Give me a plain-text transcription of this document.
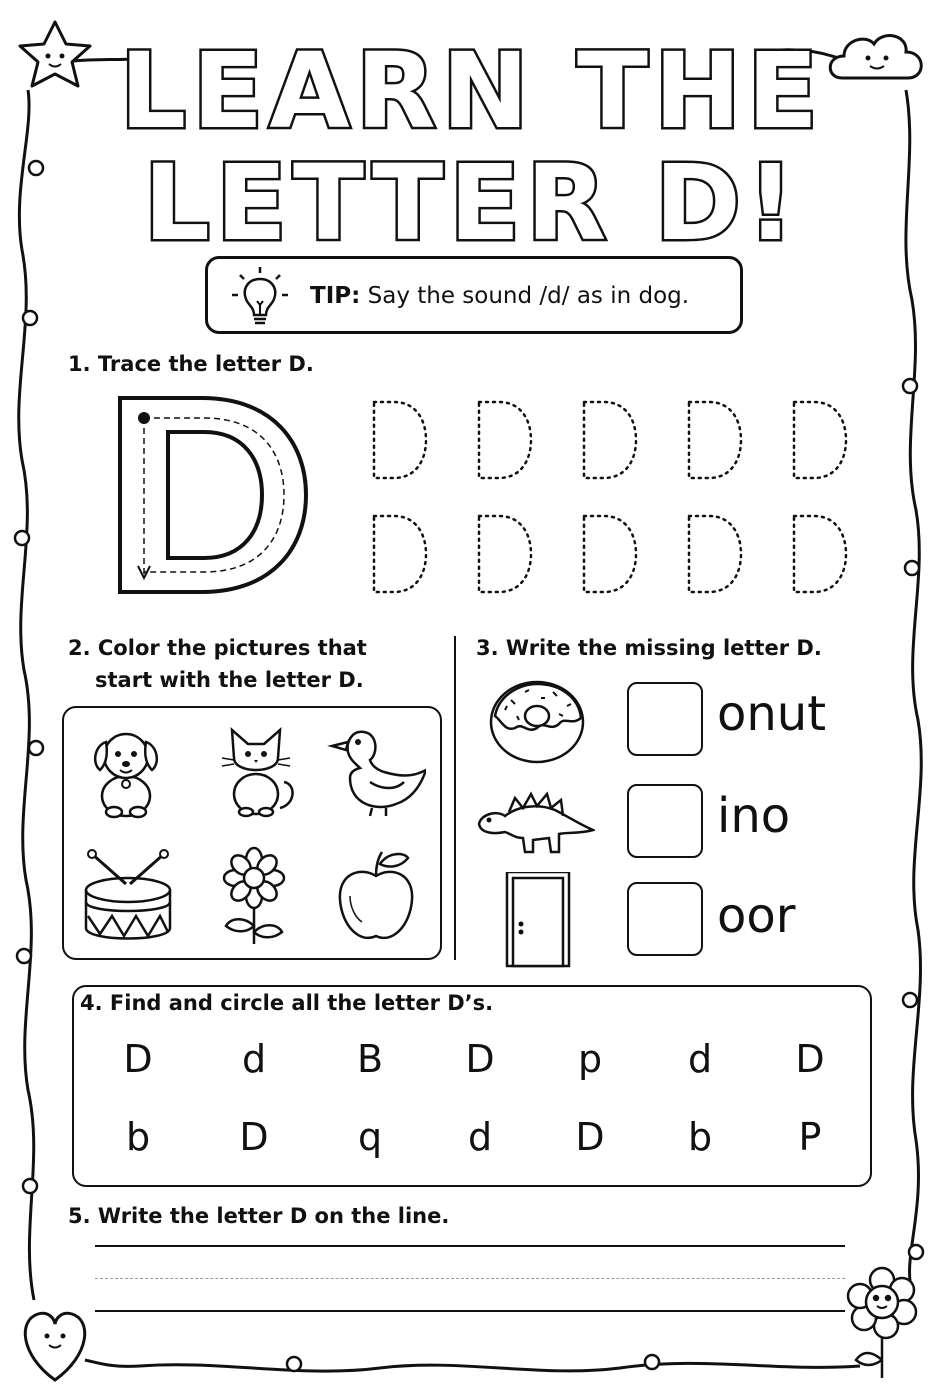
LEARN THE
LETTER D!
TIP: Say the sound /d/ as in dog.
1. Trace the letter D.
2. Color the pictures that
start with the letter D.
3. Write the missing letter D.
onut
ino
oor
4. Find and circle all the letter D’s.
D	d	B	D	p	d	D
b	D	q	d	D	b	P
5. Write the letter D on the line.
